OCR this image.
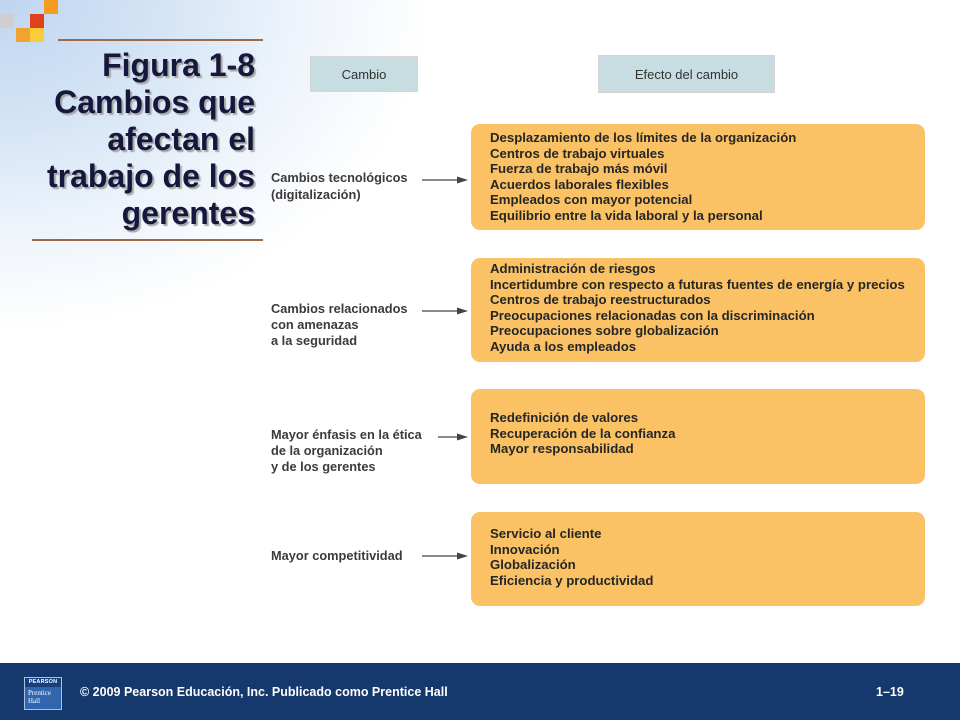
Figura 1-8
Cambios que
afectan el
trabajo de los
gerentes
Cambio	Efecto del cambio
Cambios tecnológicos
(digitalización)
Desplazamiento de los límites de la organización
Centros de trabajo virtuales
Fuerza de trabajo más móvil
Acuerdos laborales flexibles
Empleados con mayor potencial
Equilibrio entre la vida laboral y la personal
Cambios relacionados
con amenazas
a la seguridad
Administración de riesgos
Incertidumbre con respecto a futuras fuentes de energía y precios
Centros de trabajo reestructurados
Preocupaciones relacionadas con la discriminación
Preocupaciones sobre globalización
Ayuda a los empleados
Mayor énfasis en la ética
de la organización
y de los gerentes
Redefinición de valores
Recuperación de la confianza
Mayor responsabilidad
Mayor competitividad
Servicio al cliente
Innovación
Globalización
Eficiencia y productividad
PEARSON
Prentice
Hall
© 2009 Pearson Educación, Inc. Publicado como Prentice Hall	1–19
